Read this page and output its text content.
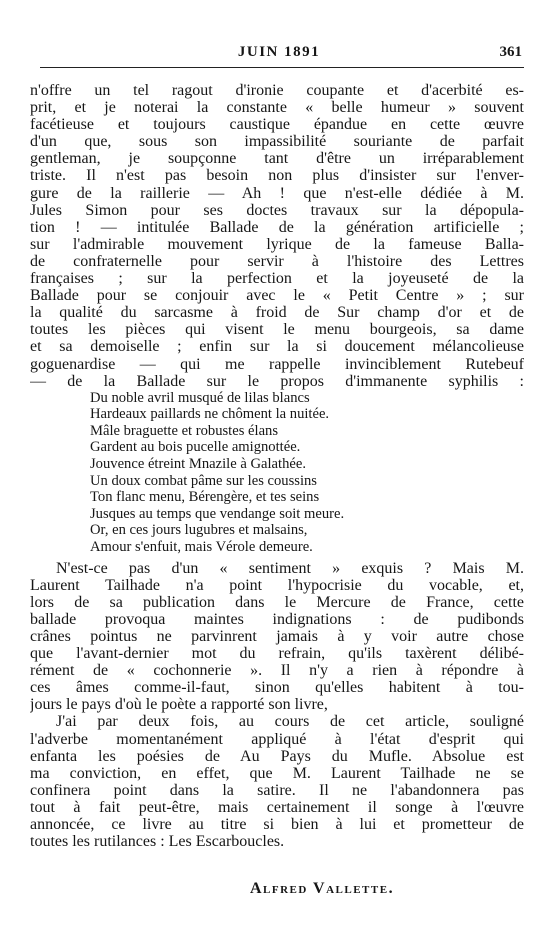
JUIN 1891	361
n'offre un tel ragout d'ironie coupante et d'acerbité es-
prit, et je noterai la constante « belle humeur » souvent
facétieuse et toujours caustique épandue en cette œuvre
d'un que, sous son impassibilité souriante de parfait
gentleman, je soupçonne tant d'être un irréparablement
triste. Il n'est pas besoin non plus d'insister sur l'enver-
gure de la raillerie — Ah ! que n'est-elle dédiée à M.
Jules Simon pour ses doctes travaux sur la dépopula-
tion ! — intitulée Ballade de la génération artificielle ;
sur l'admirable mouvement lyrique de la fameuse Balla-
de confraternelle pour servir à l'histoire des Lettres
françaises ; sur la perfection et la joyeuseté de la
Ballade pour se conjouir avec le « Petit Centre » ; sur
la qualité du sarcasme à froid de Sur champ d'or et de
toutes les pièces qui visent le menu bourgeois, sa dame
et sa demoiselle ; enfin sur la si doucement mélancolieuse
goguenardise — qui me rappelle invinciblement Rutebeuf
— de la Ballade sur le propos d'immanente syphilis :
Du noble avril musqué de lilas blancs
Hardeaux paillards ne chôment la nuitée.
Mâle braguette et robustes élans
Gardent au bois pucelle amignottée.
Jouvence étreint Mnazile à Galathée.
Un doux combat pâme sur les coussins
Ton flanc menu, Bérengère, et tes seins
Jusques au temps que vendange soit meure.
Or, en ces jours lugubres et malsains,
Amour s'enfuit, mais Vérole demeure.
N'est-ce pas d'un « sentiment » exquis ? Mais M.
Laurent Tailhade n'a point l'hypocrisie du vocable, et,
lors de sa publication dans le Mercure de France, cette
ballade provoqua maintes indignations : de pudibonds
crânes pointus ne parvinrent jamais à y voir autre chose
que l'avant-dernier mot du refrain, qu'ils taxèrent délibé-
rément de « cochonnerie ». Il n'y a rien à répondre à
ces âmes comme-il-faut, sinon qu'elles habitent à tou-
jours le pays d'où le poète a rapporté son livre,
J'ai par deux fois, au cours de cet article, souligné
l'adverbe momentanément appliqué à l'état d'esprit qui
enfanta les poésies de Au Pays du Mufle. Absolue est
ma conviction, en effet, que M. Laurent Tailhade ne se
confinera point dans la satire. Il ne l'abandonnera pas
tout à fait peut-être, mais certainement il songe à l'œuvre
annoncée, ce livre au titre si bien à lui et prometteur de
toutes les rutilances : Les Escarboucles.
Alfred Vallette.
